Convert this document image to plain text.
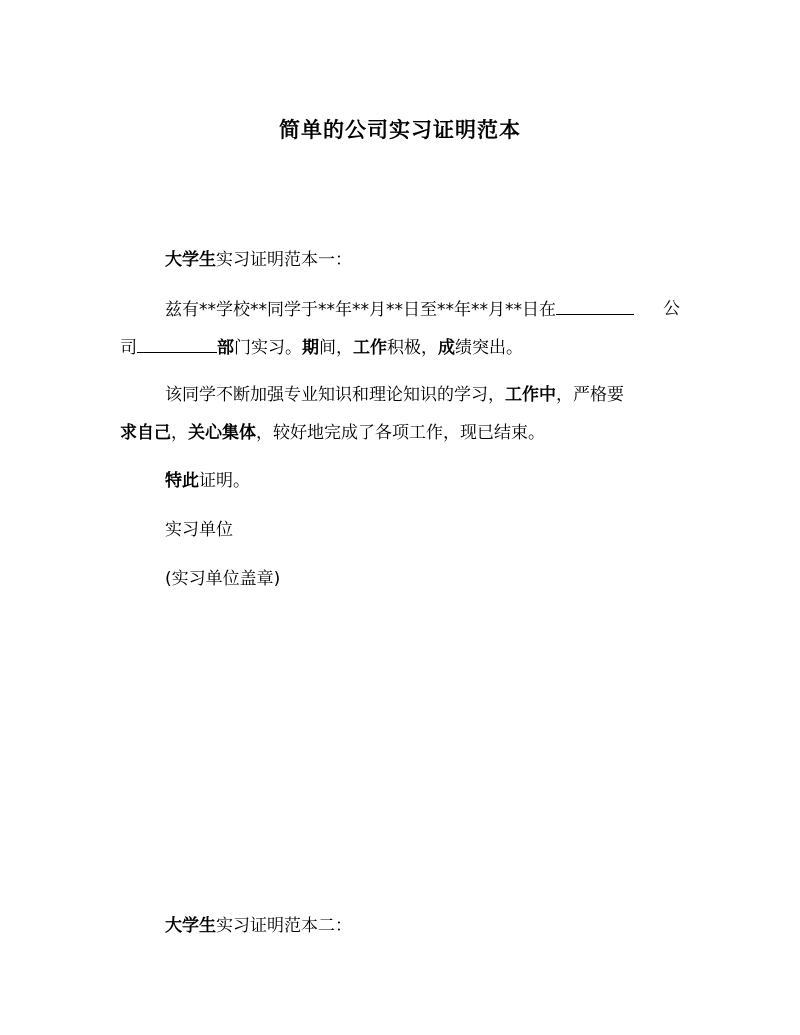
简单的公司实习证明范本
大学生实习证明范本一：
兹有**学校**同学于**年**月**日至**年**月**日在	公
司	部门实习。期间，工作积极，成绩突出。
该同学不断加强专业知识和理论知识的学习，工作中，严格要
求自己，关心集体，较好地完成了各项工作，现已结束。
特此证明。
实习单位
(实习单位盖章)
大学生实习证明范本二：
